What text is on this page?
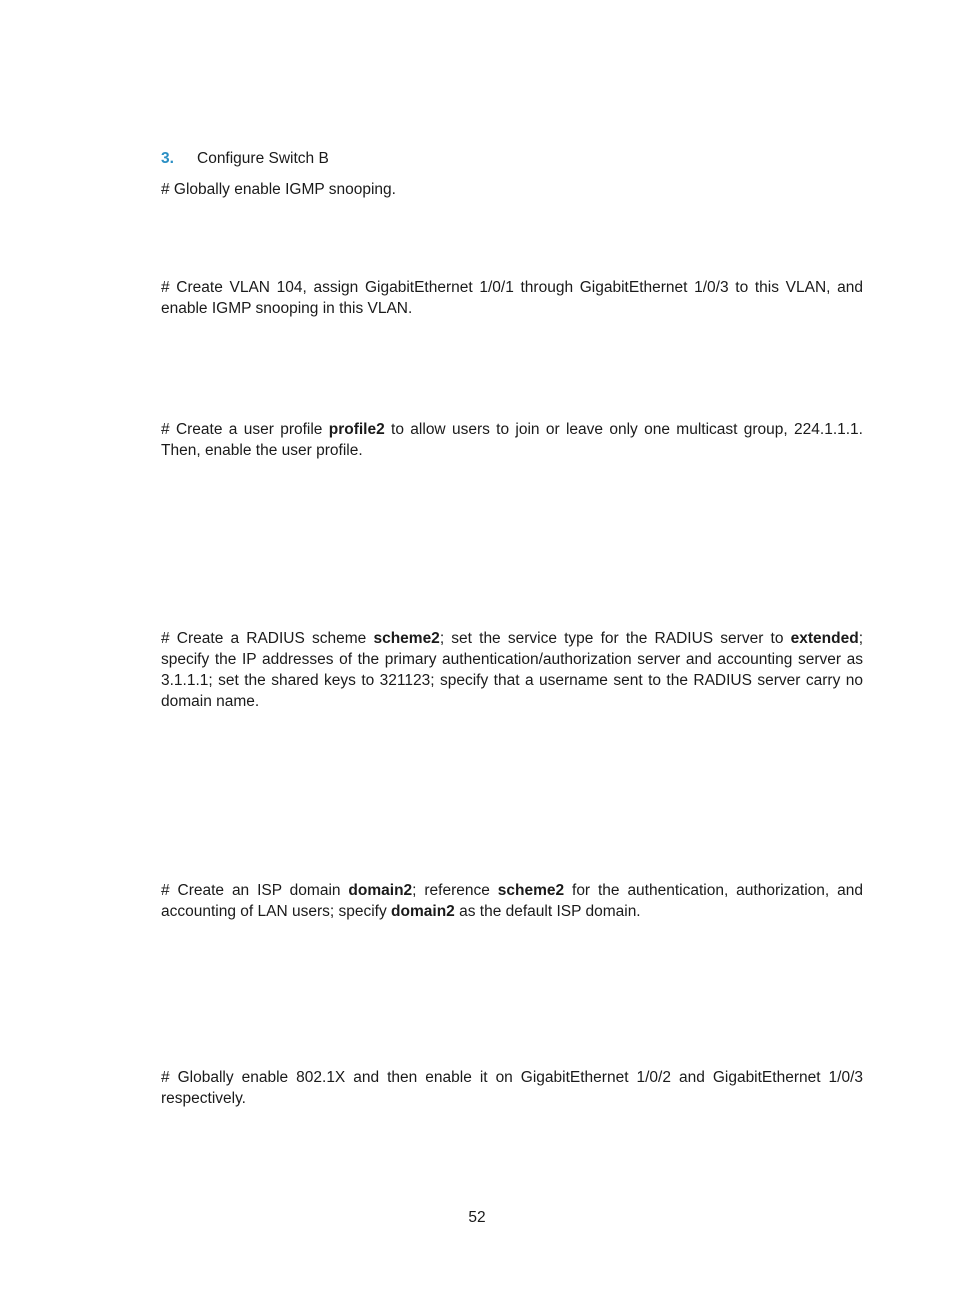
3. Configure Switch B

# Globally enable IGMP snooping.

# Create VLAN 104, assign GigabitEthernet 1/0/1 through GigabitEthernet 1/0/3 to this VLAN, and enable IGMP snooping in this VLAN.

# Create a user profile profile2 to allow users to join or leave only one multicast group, 224.1.1.1. Then, enable the user profile.

# Create a RADIUS scheme scheme2; set the service type for the RADIUS server to extended; specify the IP addresses of the primary authentication/authorization server and accounting server as 3.1.1.1; set the shared keys to 321123; specify that a username sent to the RADIUS server carry no domain name.

# Create an ISP domain domain2; reference scheme2 for the authentication, authorization, and accounting of LAN users; specify domain2 as the default ISP domain.

# Globally enable 802.1X and then enable it on GigabitEthernet 1/0/2 and GigabitEthernet 1/0/3 respectively.

52
